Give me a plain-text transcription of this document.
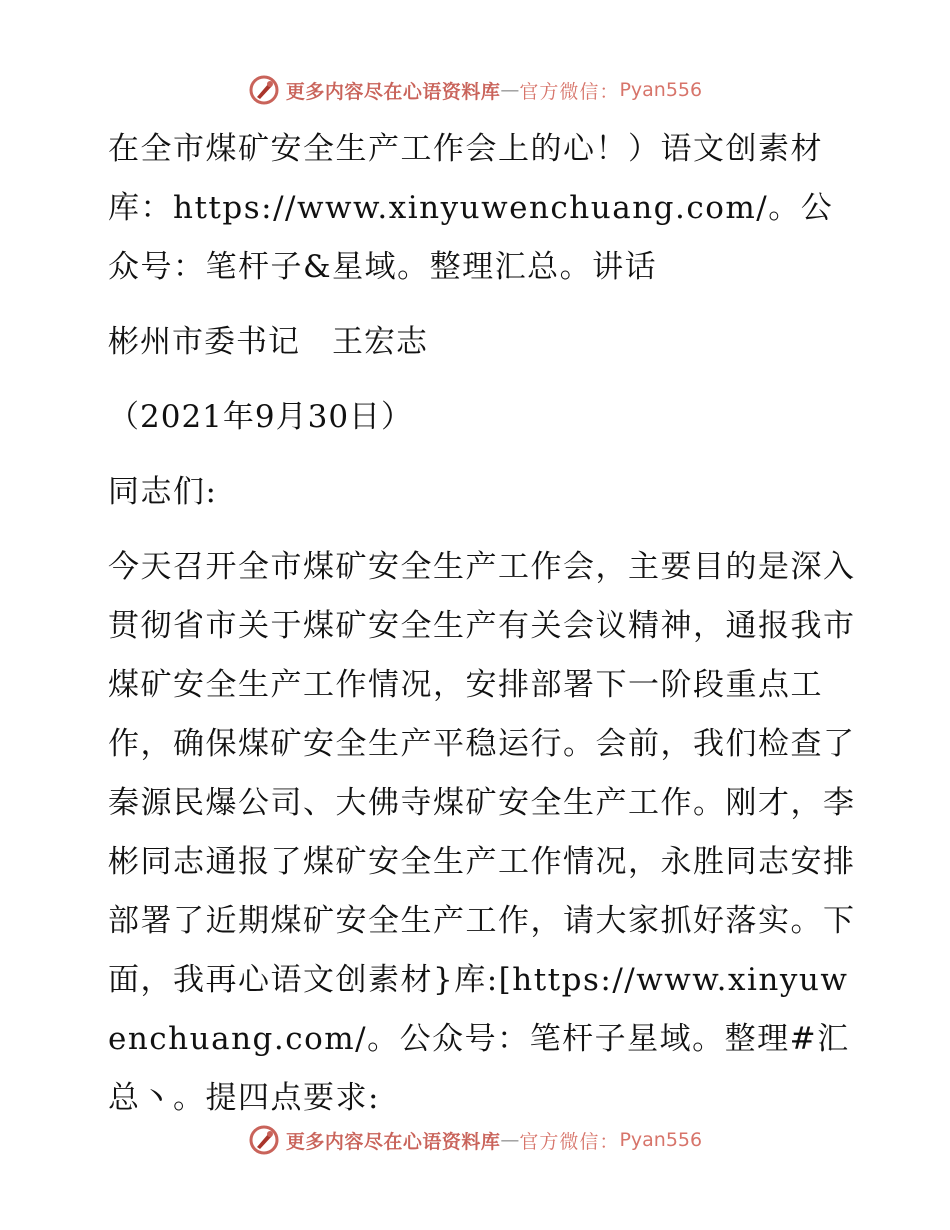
更多内容尽在心语资料库 — 官方微信： Pyan556

在全市煤矿安全生产工作会上的心！）语文创素材库：https://www.xinyuwenchuang.com/。公众号：笔杆子&星域。整理汇总。讲话

彬州市委书记　王宏志

（2021年9月30日）

同志们:

今天召开全市煤矿安全生产工作会，主要目的是深入贯彻省市关于煤矿安全生产有关会议精神，通报我市煤矿安全生产工作情况，安排部署下一阶段重点工作，确保煤矿安全生产平稳运行。会前，我们检查了秦源民爆公司、大佛寺煤矿安全生产工作。刚才，李彬同志通报了煤矿安全生产工作情况，永胜同志安排部署了近期煤矿安全生产工作，请大家抓好落实。下面，我再心语文创素材}库:[https://www.xinyuwenchuang.com/。公众号：笔杆子星域。整理#汇总丶。提四点要求:

更多内容尽在心语资料库 — 官方微信： Pyan556
